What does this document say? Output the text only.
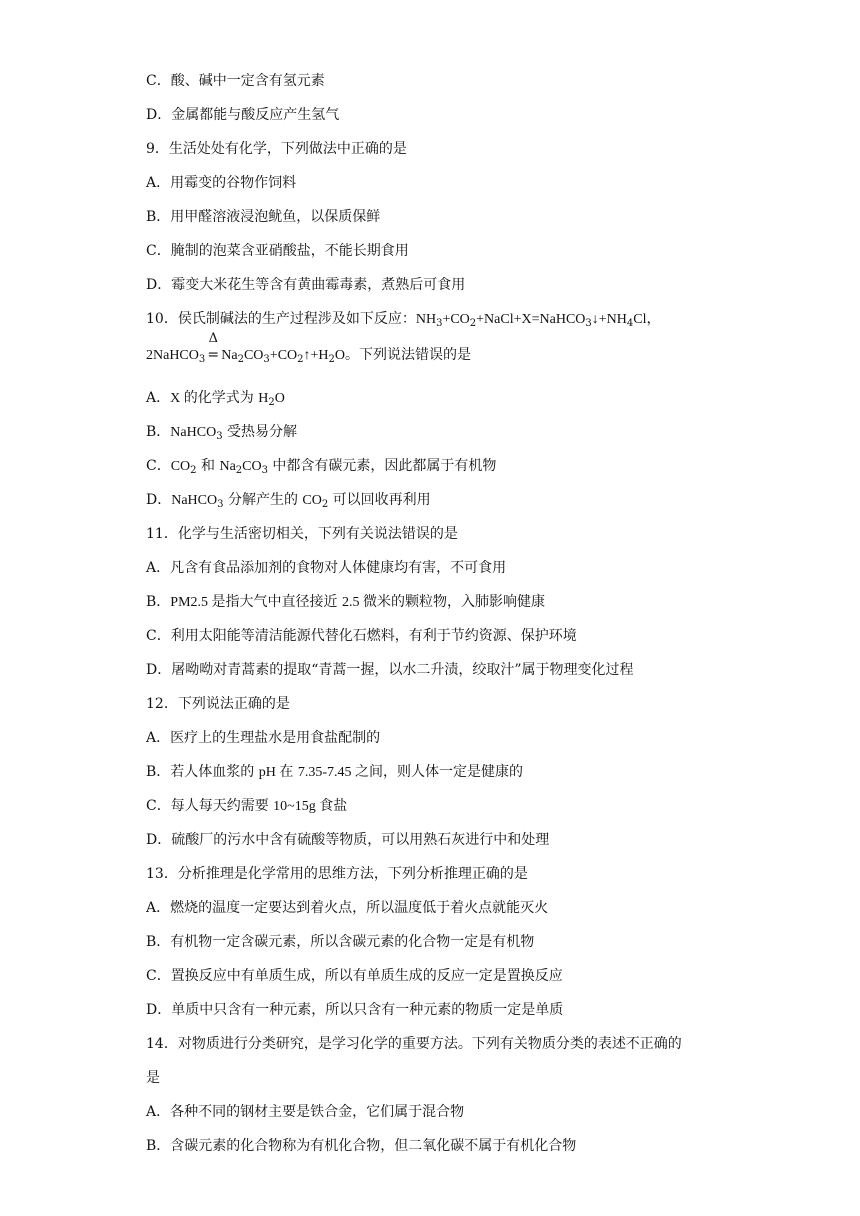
C．酸、碱中一定含有氢元素
D．金属都能与酸反应产生氢气
9．生活处处有化学，下列做法中正确的是
A．用霉变的谷物作饲料
B．用甲醛溶液浸泡鱿鱼，以保质保鲜
C．腌制的泡菜含亚硝酸盐，不能长期食用
D．霉变大米花生等含有黄曲霉毒素，煮熟后可食用
10．侯氏制碱法的生产过程涉及如下反应：$NH_3+CO_2+NaCl+X=NaHCO_3↓+NH_4Cl$，
2NaHCO$_3$
Δ
= $Na_2CO_3+CO_2↑+H_2O$。下列说法错误的是
A．X 的化学式为 $H_2O$
B．NaHCO$_3$ 受热易分解
C．$CO_2$ 和 $Na_2CO_3$ 中都含有碳元素，因此都属于有机物
D．NaHCO$_3$ 分解产生的 $CO_2$ 可以回收再利用
11．化学与生活密切相关，下列有关说法错误的是
A．凡含有食品添加剂的食物对人体健康均有害，不可食用
B．PM2.5 是指大气中直径接近 2.5 微米的颗粒物，入肺影响健康
C．利用太阳能等清洁能源代替化石燃料，有利于节约资源、保护环境
D．屠呦呦对青蒿素的提取“青蒿一握，以水二升渍，绞取汁”属于物理变化过程
12．下列说法正确的是
A．医疗上的生理盐水是用食盐配制的
B．若人体血浆的 pH 在 7.35-7.45 之间，则人体一定是健康的
C．每人每天约需要 10~15g 食盐
D．硫酸厂的污水中含有硫酸等物质，可以用熟石灰进行中和处理
13．分析推理是化学常用的思维方法，下列分析推理正确的是
A．燃烧的温度一定要达到着火点，所以温度低于着火点就能灭火
B．有机物一定含碳元素，所以含碳元素的化合物一定是有机物
C．置换反应中有单质生成，所以有单质生成的反应一定是置换反应
D．单质中只含有一种元素，所以只含有一种元素的物质一定是单质
14．对物质进行分类研究，是学习化学的重要方法。下列有关物质分类的表述不正确的
是
A．各种不同的钢材主要是铁合金，它们属于混合物
B．含碳元素的化合物称为有机化合物，但二氧化碳不属于有机化合物
